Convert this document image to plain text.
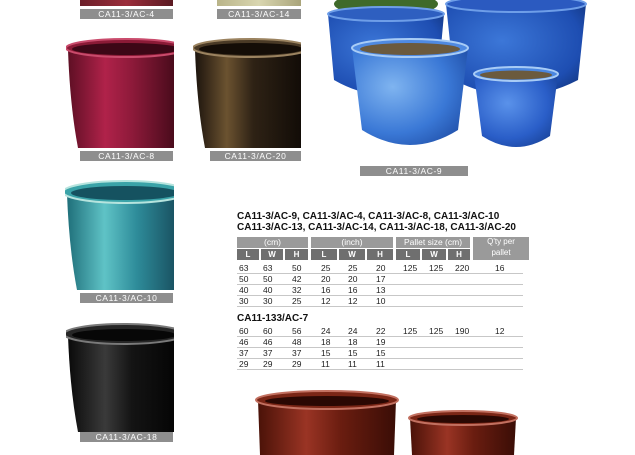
CA11-3/AC-4	CA11-3/AC-14
CA11-3/AC-8	CA11-3/AC-20
CA11-3/AC-9
CA11-3/AC-10
CA11-3/AC-18
CA11-3/AC-9, CA11-3/AC-4, CA11-3/AC-8, CA11-3/AC-10
CA11-3/AC-13, CA11-3/AC-14, CA11-3/AC-18, CA11-3/AC-20
(cm)	(inch)	Pallet size (cm)	Q'ty per
pallet
L	W	H	L	W	H	L	W	H
63 63 50 25 25 20 125 125 220	16
50 50 42 20 20 17
40 40 32 16 16 13
30 30 25 12 12 10
CA11-133/AC-7
60 60 56 24 24 22 125 125 190	12
46 46 48 18 18 19
37 37 37 15 15 15
29 29 29 11 11 11
